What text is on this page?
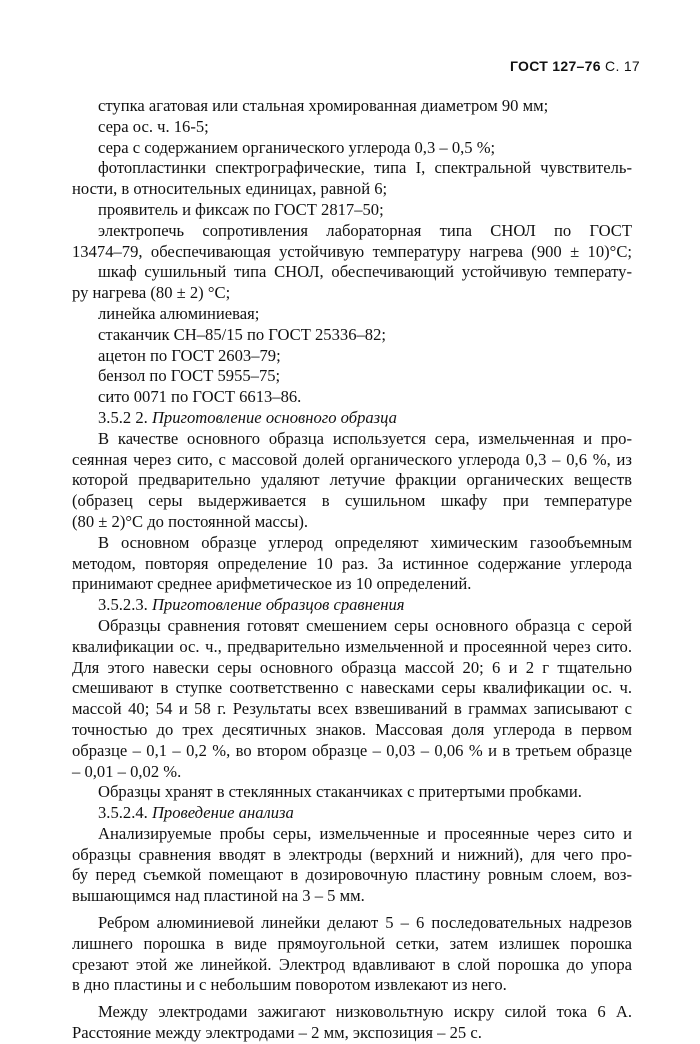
ГОСТ 127–76 С. 17
ступка агатовая или стальная хромированная диаметром 90 мм;
сера ос. ч. 16-5;
сера с содержанием органического углерода 0,3 – 0,5 %;
фотопластинки спектрографические, типа I, спектральной чувствитель-
ности, в относительных единицах, равной 6;
проявитель и фиксаж по ГОСТ 2817–50;
электропечь сопротивления лабораторная типа СНОЛ по ГОСТ
13474–79, обеспечивающая устойчивую температуру нагрева (900 ± 10)°С;
шкаф сушильный типа СНОЛ, обеспечивающий устойчивую температу-
ру нагрева (80 ± 2) °С;
линейка алюминиевая;
стаканчик СН–85/15 по ГОСТ 25336–82;
ацетон по ГОСТ 2603–79;
бензол по ГОСТ 5955–75;
сито 0071 по ГОСТ 6613–86.
3.5.2 2. Приготовление основного образца
В качестве основного образца используется сера, измельченная и про-
сеянная через сито, с массовой долей органического углерода 0,3 – 0,6 %, из
которой предварительно удаляют летучие фракции органических веществ
(образец серы выдерживается в сушильном шкафу при температуре
(80 ± 2)°С до постоянной массы).
В основном образце углерод определяют химическим газообъемным
методом, повторяя определение 10 раз. За истинное содержание углерода
принимают среднее арифметическое из 10 определений.
3.5.2.3. Приготовление образцов сравнения
Образцы сравнения готовят смешением серы основного образца с серой
квалификации ос. ч., предварительно измельченной и просеянной через сито.
Для этого навески серы основного образца массой 20; 6 и 2 г тщательно
смешивают в ступке соответственно с навесками серы квалификации ос. ч.
массой 40; 54 и 58 г. Результаты всех взвешиваний в граммах записывают с
точностью до трех десятичных знаков. Массовая доля углерода в первом
образце – 0,1 – 0,2 %, во втором образце – 0,03 – 0,06 % и в третьем образце
– 0,01 – 0,02 %.
Образцы хранят в стеклянных стаканчиках с притертыми пробками.
3.5.2.4. Проведение анализа
Анализируемые пробы серы, измельченные и просеянные через сито и
образцы сравнения вводят в электроды (верхний и нижний), для чего про-
бу перед съемкой помещают в дозировочную пластину ровным слоем, воз-
вышающимся над пластиной на 3 – 5 мм.
Ребром алюминиевой линейки делают 5 – 6 последовательных надрезов
лишнего порошка в виде прямоугольной сетки, затем излишек порошка
срезают этой же линейкой. Электрод вдавливают в слой порошка до упора
в дно пластины и с небольшим поворотом извлекают из него.
Между электродами зажигают низковольтную искру силой тока 6 А.
Расстояние между электродами – 2 мм, экспозиция – 25 с.
